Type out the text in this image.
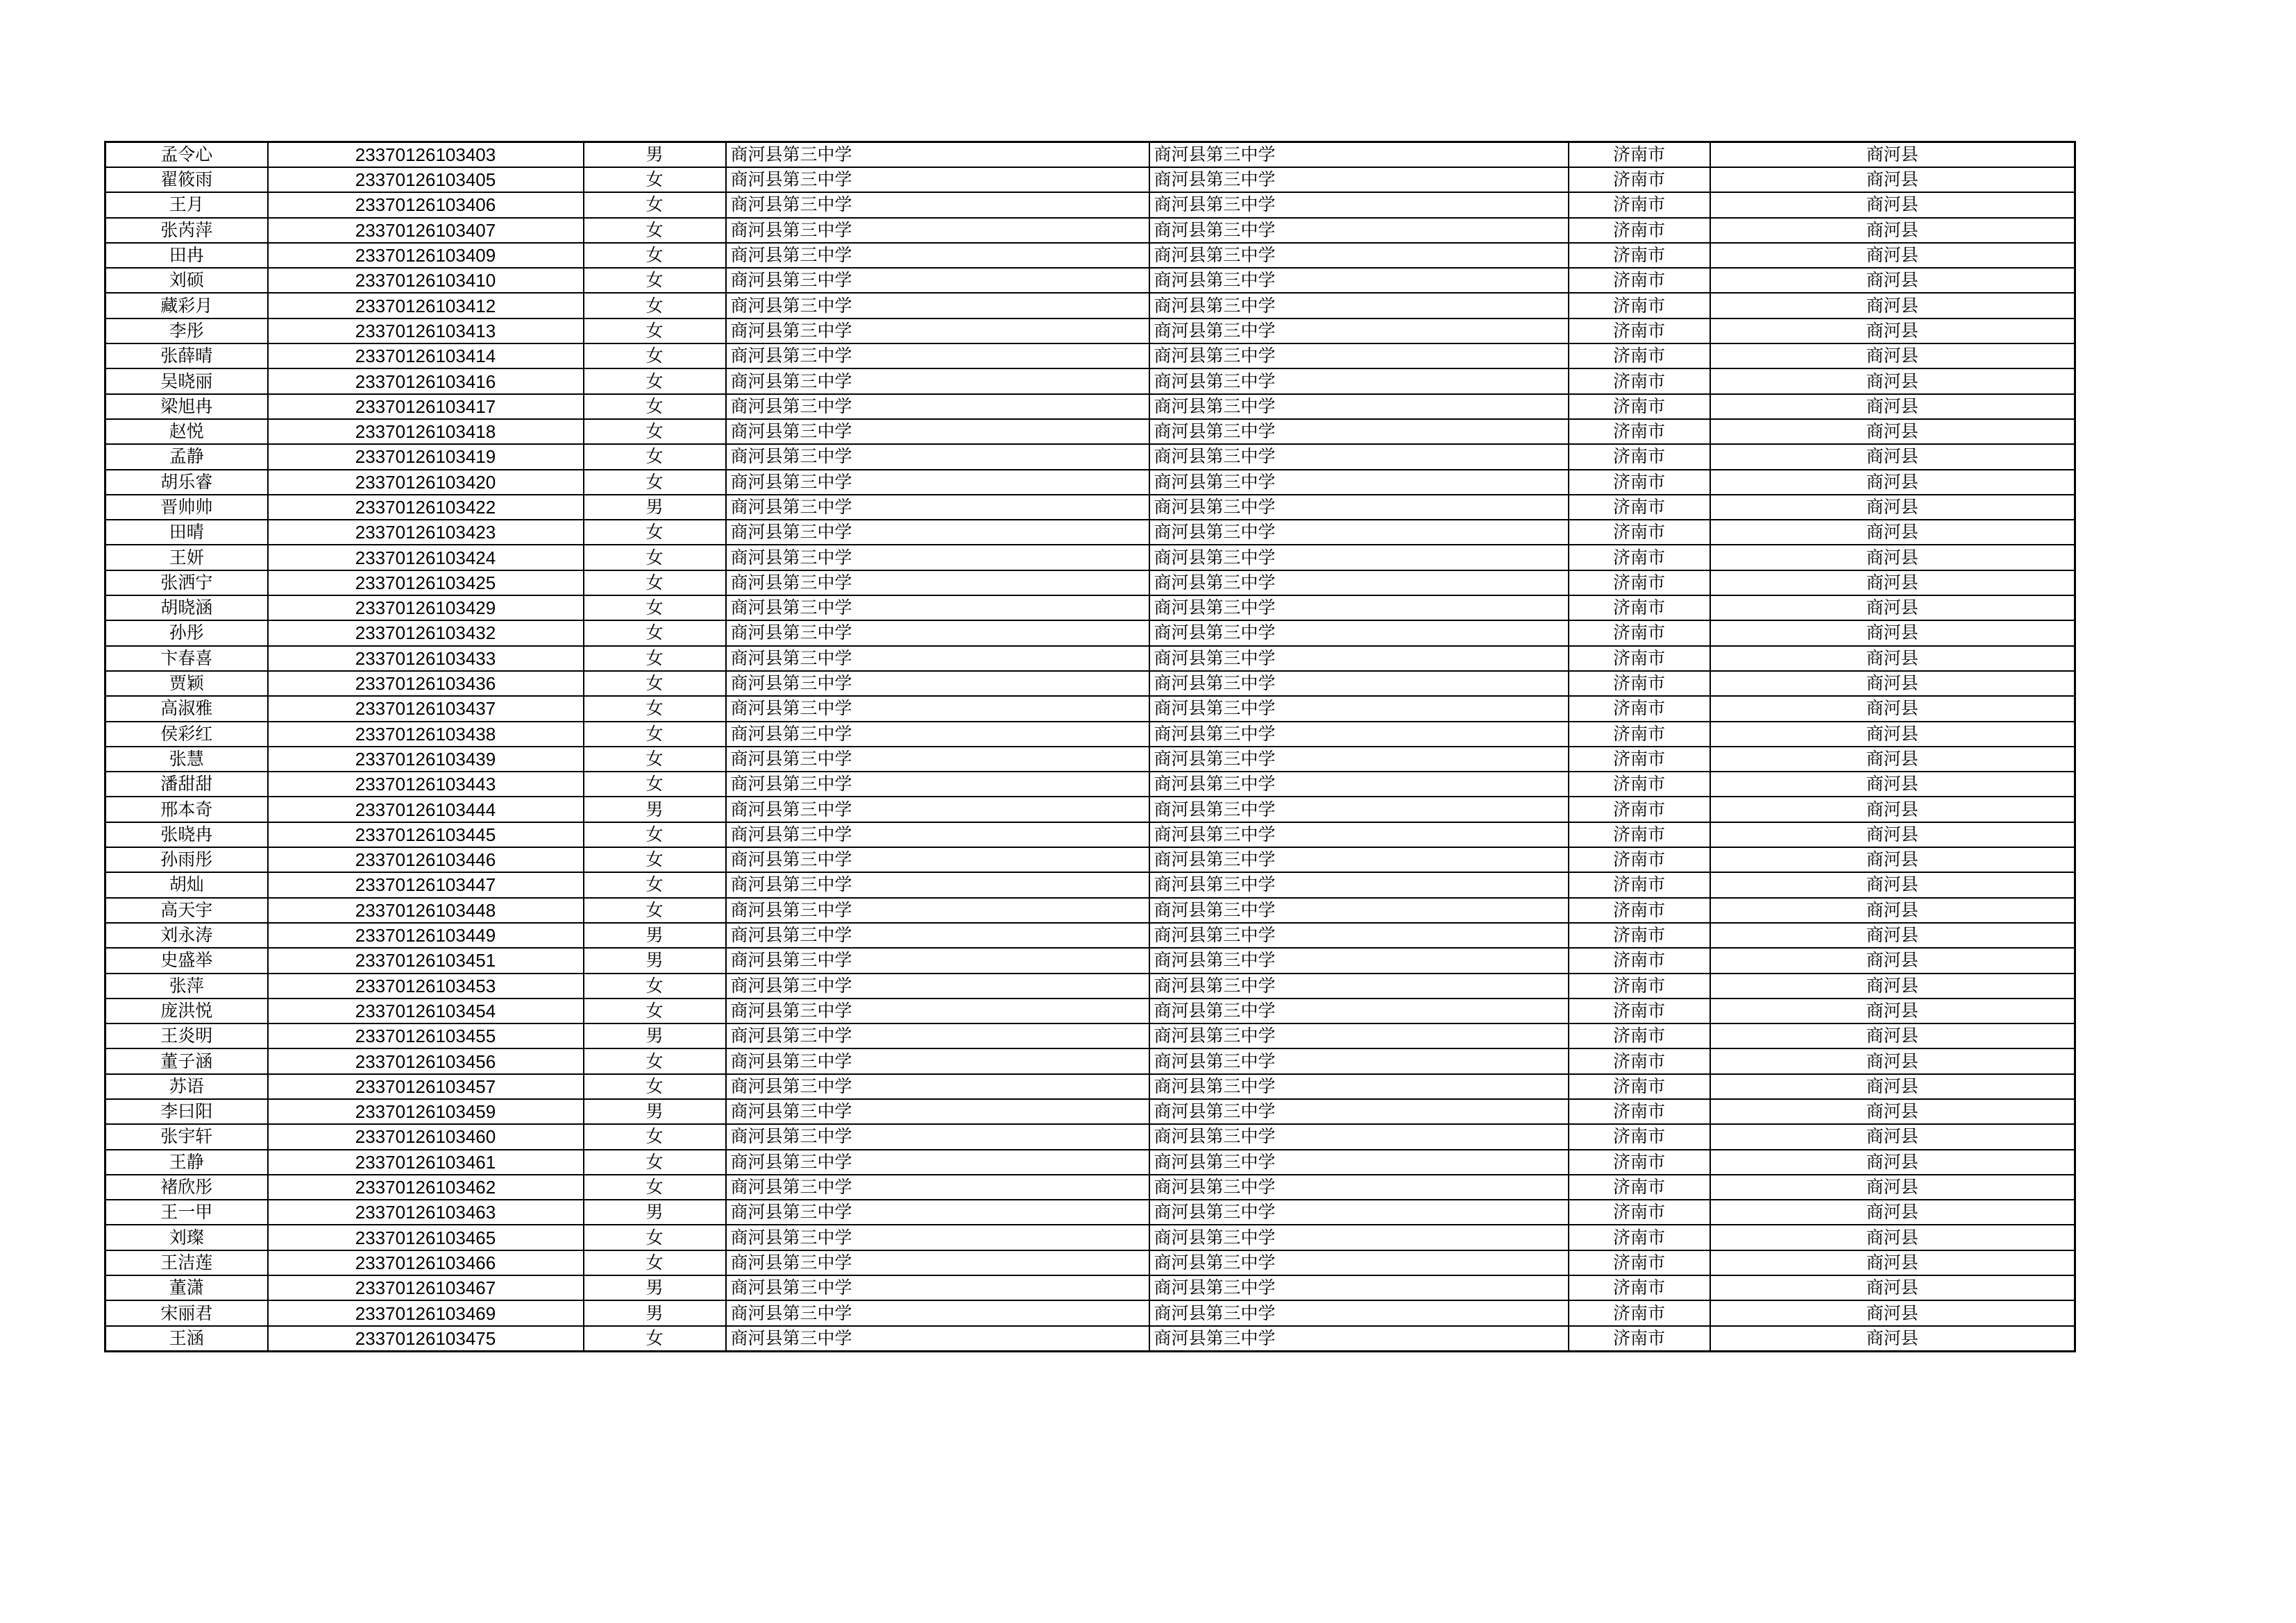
孟令心	23370126103403	男	商河县第三中学	商河县第三中学	济南市	商河县
翟筱雨	23370126103405	女	商河县第三中学	商河县第三中学	济南市	商河县
王月	23370126103406	女	商河县第三中学	商河县第三中学	济南市	商河县
张芮萍	23370126103407	女	商河县第三中学	商河县第三中学	济南市	商河县
田冉	23370126103409	女	商河县第三中学	商河县第三中学	济南市	商河县
刘硕	23370126103410	女	商河县第三中学	商河县第三中学	济南市	商河县
藏彩月	23370126103412	女	商河县第三中学	商河县第三中学	济南市	商河县
李彤	23370126103413	女	商河县第三中学	商河县第三中学	济南市	商河县
张薛晴	23370126103414	女	商河县第三中学	商河县第三中学	济南市	商河县
吴晓丽	23370126103416	女	商河县第三中学	商河县第三中学	济南市	商河县
梁旭冉	23370126103417	女	商河县第三中学	商河县第三中学	济南市	商河县
赵悦	23370126103418	女	商河县第三中学	商河县第三中学	济南市	商河县
孟静	23370126103419	女	商河县第三中学	商河县第三中学	济南市	商河县
胡乐睿	23370126103420	女	商河县第三中学	商河县第三中学	济南市	商河县
晋帅帅	23370126103422	男	商河县第三中学	商河县第三中学	济南市	商河县
田晴	23370126103423	女	商河县第三中学	商河县第三中学	济南市	商河县
王妍	23370126103424	女	商河县第三中学	商河县第三中学	济南市	商河县
张洒宁	23370126103425	女	商河县第三中学	商河县第三中学	济南市	商河县
胡晓涵	23370126103429	女	商河县第三中学	商河县第三中学	济南市	商河县
孙彤	23370126103432	女	商河县第三中学	商河县第三中学	济南市	商河县
卞春喜	23370126103433	女	商河县第三中学	商河县第三中学	济南市	商河县
贾颖	23370126103436	女	商河县第三中学	商河县第三中学	济南市	商河县
高淑雅	23370126103437	女	商河县第三中学	商河县第三中学	济南市	商河县
侯彩红	23370126103438	女	商河县第三中学	商河县第三中学	济南市	商河县
张慧	23370126103439	女	商河县第三中学	商河县第三中学	济南市	商河县
潘甜甜	23370126103443	女	商河县第三中学	商河县第三中学	济南市	商河县
邢本奇	23370126103444	男	商河县第三中学	商河县第三中学	济南市	商河县
张晓冉	23370126103445	女	商河县第三中学	商河县第三中学	济南市	商河县
孙雨彤	23370126103446	女	商河县第三中学	商河县第三中学	济南市	商河县
胡灿	23370126103447	女	商河县第三中学	商河县第三中学	济南市	商河县
高天宇	23370126103448	女	商河县第三中学	商河县第三中学	济南市	商河县
刘永涛	23370126103449	男	商河县第三中学	商河县第三中学	济南市	商河县
史盛举	23370126103451	男	商河县第三中学	商河县第三中学	济南市	商河县
张萍	23370126103453	女	商河县第三中学	商河县第三中学	济南市	商河县
庞洪悦	23370126103454	女	商河县第三中学	商河县第三中学	济南市	商河县
王炎明	23370126103455	男	商河县第三中学	商河县第三中学	济南市	商河县
董子涵	23370126103456	女	商河县第三中学	商河县第三中学	济南市	商河县
苏语	23370126103457	女	商河县第三中学	商河县第三中学	济南市	商河县
李曰阳	23370126103459	男	商河县第三中学	商河县第三中学	济南市	商河县
张宇轩	23370126103460	女	商河县第三中学	商河县第三中学	济南市	商河县
王静	23370126103461	女	商河县第三中学	商河县第三中学	济南市	商河县
褚欣彤	23370126103462	女	商河县第三中学	商河县第三中学	济南市	商河县
王一甲	23370126103463	男	商河县第三中学	商河县第三中学	济南市	商河县
刘璨	23370126103465	女	商河县第三中学	商河县第三中学	济南市	商河县
王洁莲	23370126103466	女	商河县第三中学	商河县第三中学	济南市	商河县
董潇	23370126103467	男	商河县第三中学	商河县第三中学	济南市	商河县
宋丽君	23370126103469	男	商河县第三中学	商河县第三中学	济南市	商河县
王涵	23370126103475	女	商河县第三中学	商河县第三中学	济南市	商河县
